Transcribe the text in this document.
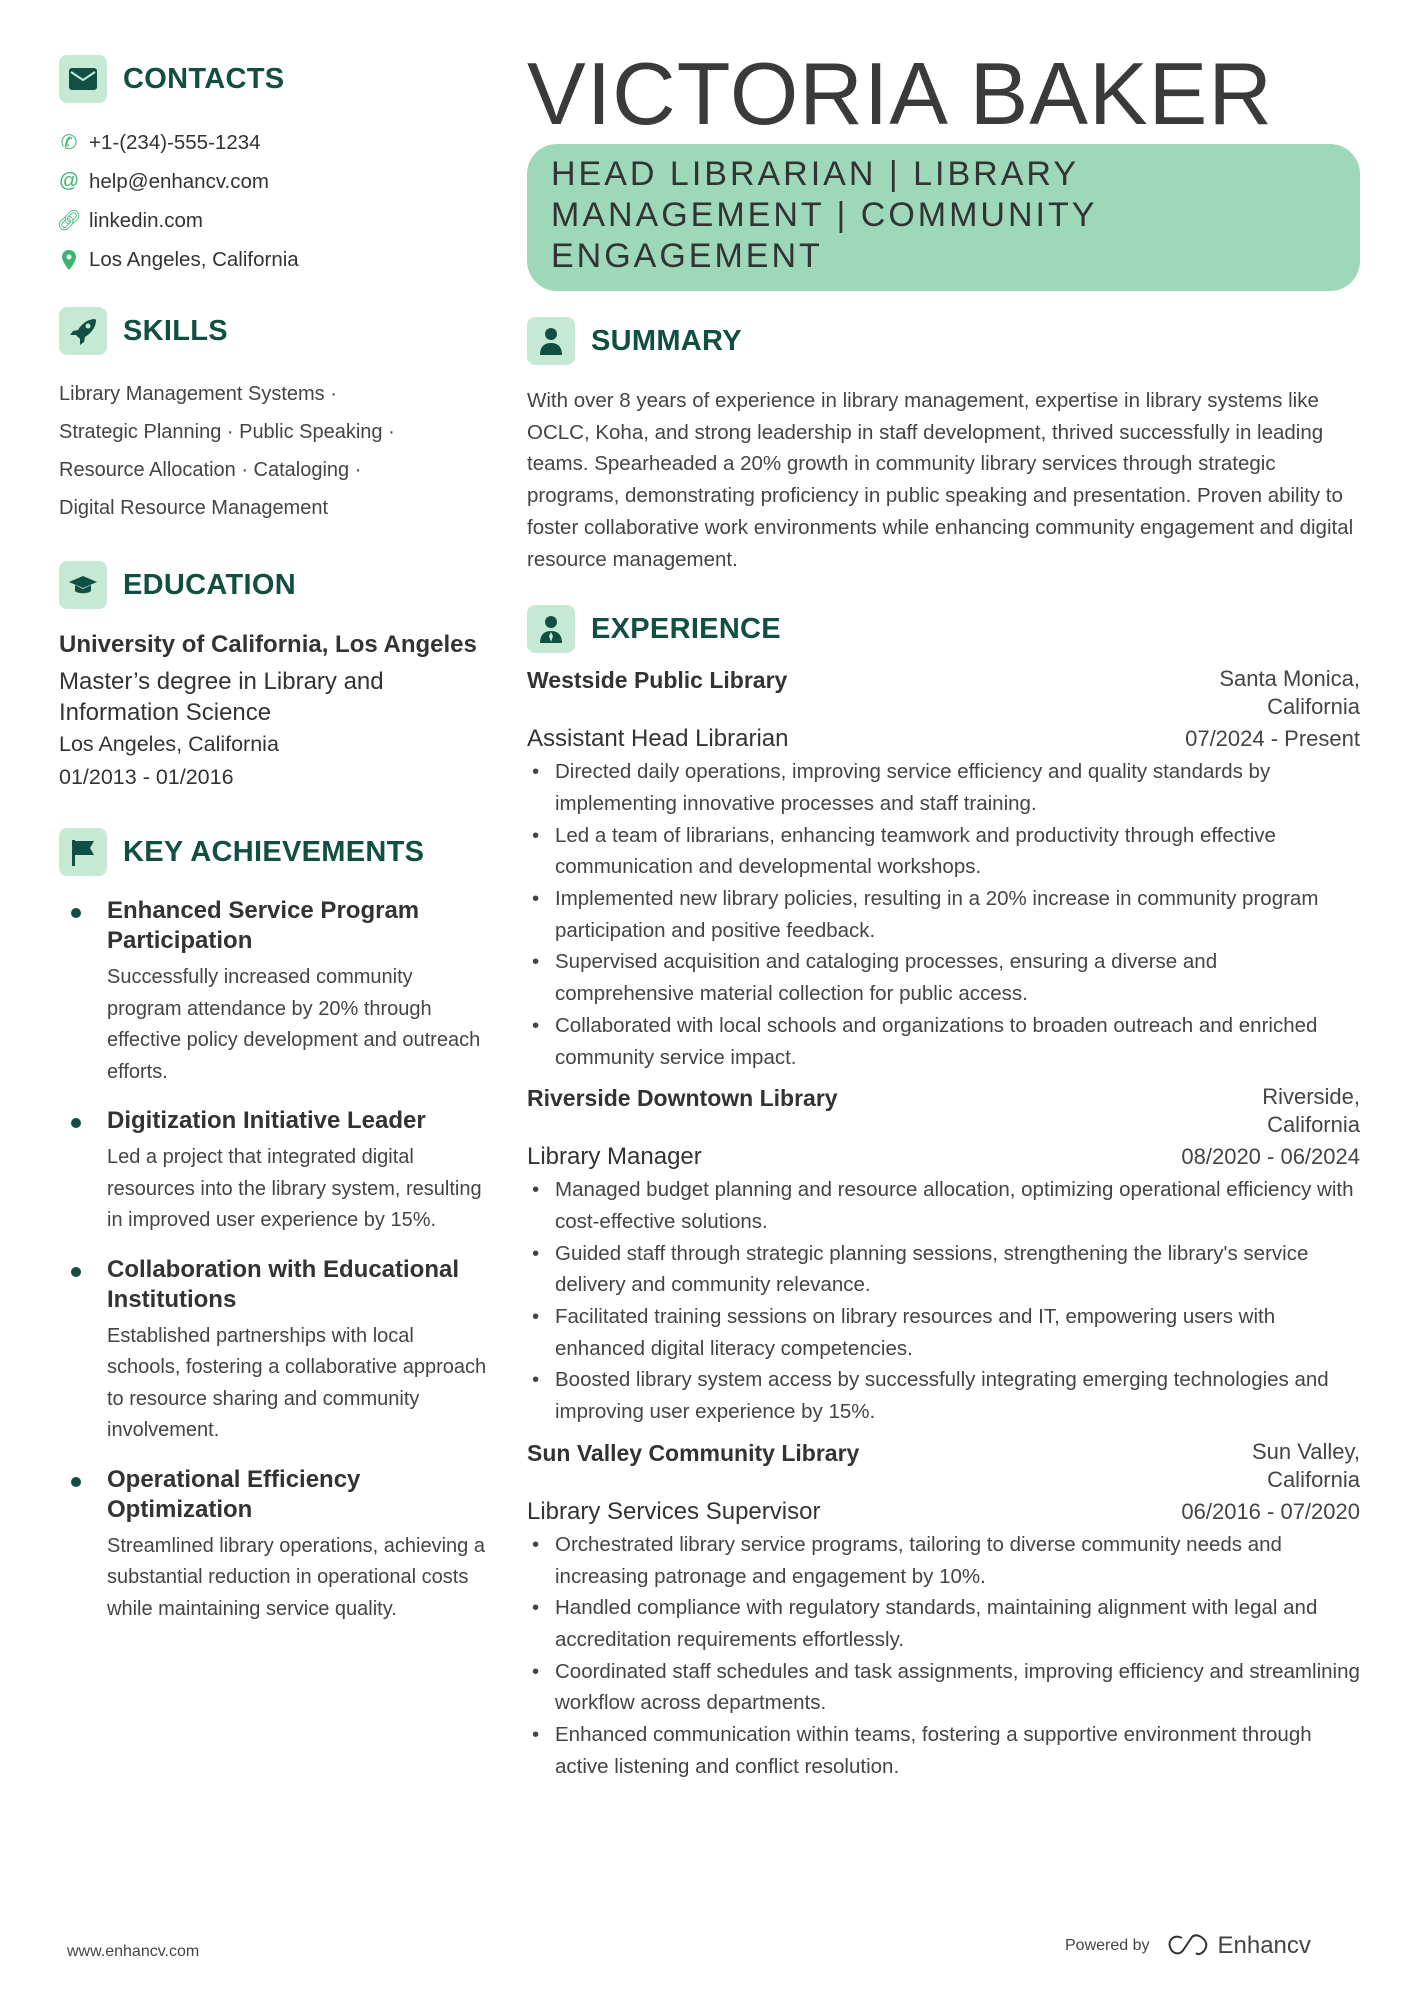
CONTACTS
✆ +1-(234)-555-1234
@ help@enhancv.com
🔗︎ linkedin.com
Los Angeles, California
SKILLS
Library Management Systems ·
Strategic Planning · Public Speaking ·
Resource Allocation · Cataloging ·
Digital Resource Management
EDUCATION
University of California, Los Angeles
Master’s degree in Library and Information Science
Los Angeles, California
01/2013 - 01/2016
KEY ACHIEVEMENTS
Enhanced Service Program Participation
Successfully increased community program attendance by 20% through effective policy development and outreach efforts.
Digitization Initiative Leader
Led a project that integrated digital resources into the library system, resulting in improved user experience by 15%.
Collaboration with Educational Institutions
Established partnerships with local schools, fostering a collaborative approach to resource sharing and community involvement.
Operational Efficiency Optimization
Streamlined library operations, achieving a substantial reduction in operational costs while maintaining service quality.
VICTORIA BAKER
HEAD LIBRARIAN | LIBRARY MANAGEMENT | COMMUNITY ENGAGEMENT
SUMMARY
With over 8 years of experience in library management, expertise in library systems like OCLC, Koha, and strong leadership in staff development, thrived successfully in leading teams. Spearheaded a 20% growth in community library services through strategic programs, demonstrating proficiency in public speaking and presentation. Proven ability to foster collaborative work environments while enhancing community engagement and digital resource management.
EXPERIENCE
Westside Public Library	Santa Monica,
California
Assistant Head Librarian	07/2024 - Present
• Directed daily operations, improving service efficiency and quality standards by implementing innovative processes and staff training.
• Led a team of librarians, enhancing teamwork and productivity through effective communication and developmental workshops.
• Implemented new library policies, resulting in a 20% increase in community program participation and positive feedback.
• Supervised acquisition and cataloging processes, ensuring a diverse and comprehensive material collection for public access.
• Collaborated with local schools and organizations to broaden outreach and enriched community service impact.
Riverside Downtown Library	Riverside,
California
Library Manager	08/2020 - 06/2024
• Managed budget planning and resource allocation, optimizing operational efficiency with cost-effective solutions.
• Guided staff through strategic planning sessions, strengthening the library's service delivery and community relevance.
• Facilitated training sessions on library resources and IT, empowering users with enhanced digital literacy competencies.
• Boosted library system access by successfully integrating emerging technologies and improving user experience by 15%.
Sun Valley Community Library	Sun Valley,
California
Library Services Supervisor	06/2016 - 07/2020
• Orchestrated library service programs, tailoring to diverse community needs and increasing patronage and engagement by 10%.
• Handled compliance with regulatory standards, maintaining alignment with legal and accreditation requirements effortlessly.
• Coordinated staff schedules and task assignments, improving efficiency and streamlining workflow across departments.
• Enhanced communication within teams, fostering a supportive environment through active listening and conflict resolution.
www.enhancv.com	Powered by	Enhancv
